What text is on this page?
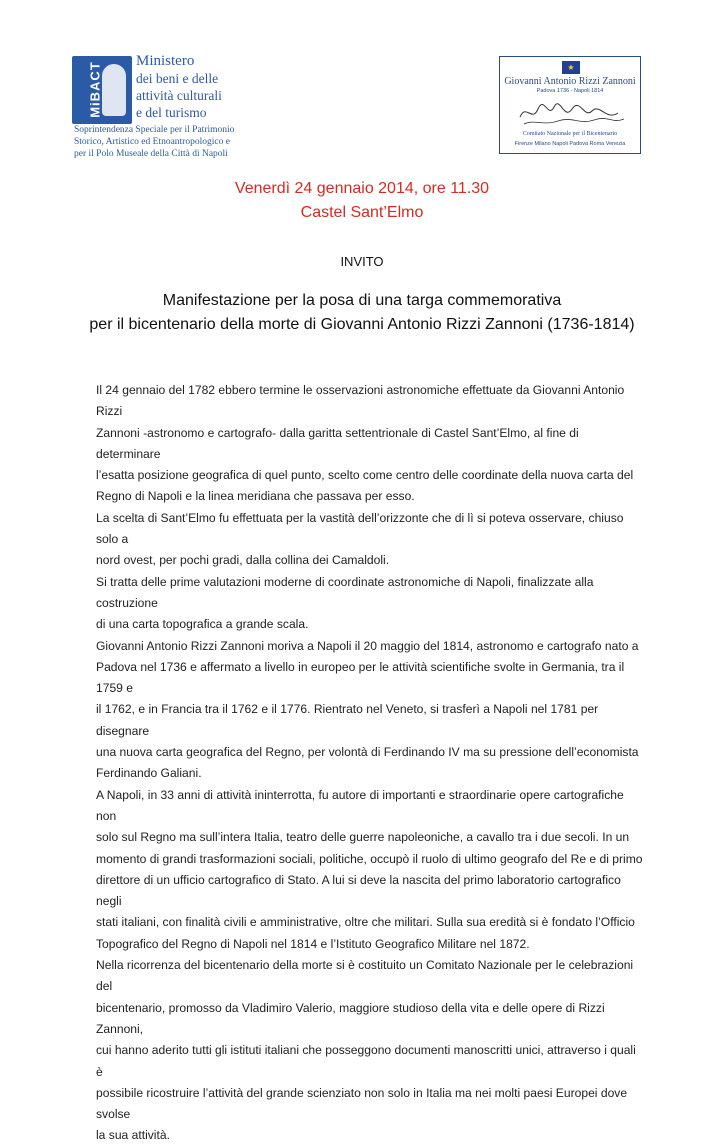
MiBACT
Ministero
dei beni e delle
attività culturali
e del turismo
Soprintendenza Speciale per il Patrimonio
Storico, Artistico ed Etnoantropologico e
per il Polo Museale della Città di Napoli
★
Giovanni Antonio Rizzi Zannoni
Padova 1736 - Napoli 1814
Comitato Nazionale per il Bicentenario
Firenze Milano Napoli Padova Roma Venezia
Venerdì 24 gennaio 2014, ore 11.30
Castel Sant’Elmo
INVITO
Manifestazione per la posa di una targa commemorativa
per il bicentenario della morte di Giovanni Antonio Rizzi Zannoni (1736-1814)

Il 24 gennaio del 1782 ebbero termine le osservazioni astronomiche effettuate da Giovanni Antonio Rizzi

Zannoni -astronomo e cartografo- dalla garitta settentrionale di Castel Sant’Elmo, al fine di determinare

l’esatta posizione geografica di quel punto, scelto come centro delle coordinate della nuova carta del

Regno di Napoli e la linea meridiana che passava per esso.

La scelta di Sant’Elmo fu effettuata per la vastità dell’orizzonte che di lì si poteva osservare, chiuso solo a

nord ovest, per pochi gradi, dalla collina dei Camaldoli.

Si tratta delle prime valutazioni moderne di coordinate astronomiche di Napoli, finalizzate alla costruzione

di una carta topografica a grande scala.

Giovanni Antonio Rizzi Zannoni moriva a Napoli il 20 maggio del 1814, astronomo e cartografo nato a

Padova nel 1736 e affermato a livello in europeo per le attività scientifiche svolte in Germania, tra il 1759 e

il 1762, e in Francia tra il 1762 e il 1776. Rientrato nel Veneto, si trasferì a Napoli nel 1781 per disegnare

una nuova carta geografica del Regno, per volontà di Ferdinando IV ma su pressione dell’economista

Ferdinando Galiani.

A Napoli, in 33 anni di attività ininterrotta, fu autore di importanti e straordinarie opere cartografiche non

solo sul Regno ma sull’intera Italia, teatro delle guerre napoleoniche, a cavallo tra i due secoli. In un

momento di grandi trasformazioni sociali, politiche, occupò il ruolo di ultimo geografo del Re e di primo

direttore di un ufficio cartografico di Stato. A lui si deve la nascita del primo laboratorio cartografico negli

stati italiani, con finalità civili e amministrative, oltre che militari. Sulla sua eredità si è fondato l’Officio

Topografico del Regno di Napoli nel 1814 e l’Istituto Geografico Militare nel 1872.

Nella ricorrenza del bicentenario della morte si è costituito un Comitato Nazionale per le celebrazioni del

bicentenario, promosso da Vladimiro Valerio, maggiore studioso della vita e delle opere di Rizzi Zannoni,

cui hanno aderito tutti gli istituti italiani che posseggono documenti manoscritti unici, attraverso i quali è

possibile ricostruire l’attività del grande scienziato non solo in Italia ma nei molti paesi Europei dove svolse

la sua attività.
